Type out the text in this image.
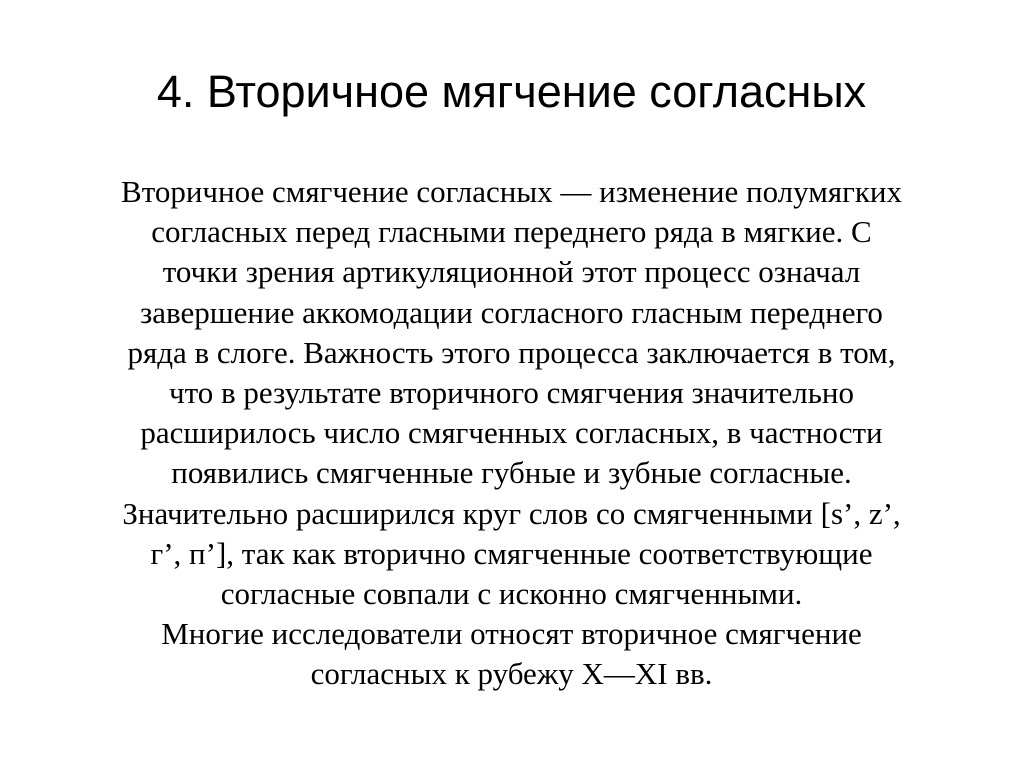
4. Вторичное мягчение согласных
Вторичное смягчение согласных — изменение полумягких
согласных перед гласными переднего ряда в мягкие. С
точки зрения артикуляционной этот процесс означал
завершение аккомодации согласного гласным переднего
ряда в слоге. Важность этого процесса заключается в том,
что в результате вторичного смягчения значительно
расширилось число смягченных согласных, в частности
появились смягченные губные и зубные согласные.
Значительно расширился круг слов со смягченными [s’, z’,
г’, п’], так как вторично смягченные соответствующие
согласные совпали с исконно смягченными.
Многие исследователи относят вторичное смягчение
согласных к рубежу X—XI вв.
